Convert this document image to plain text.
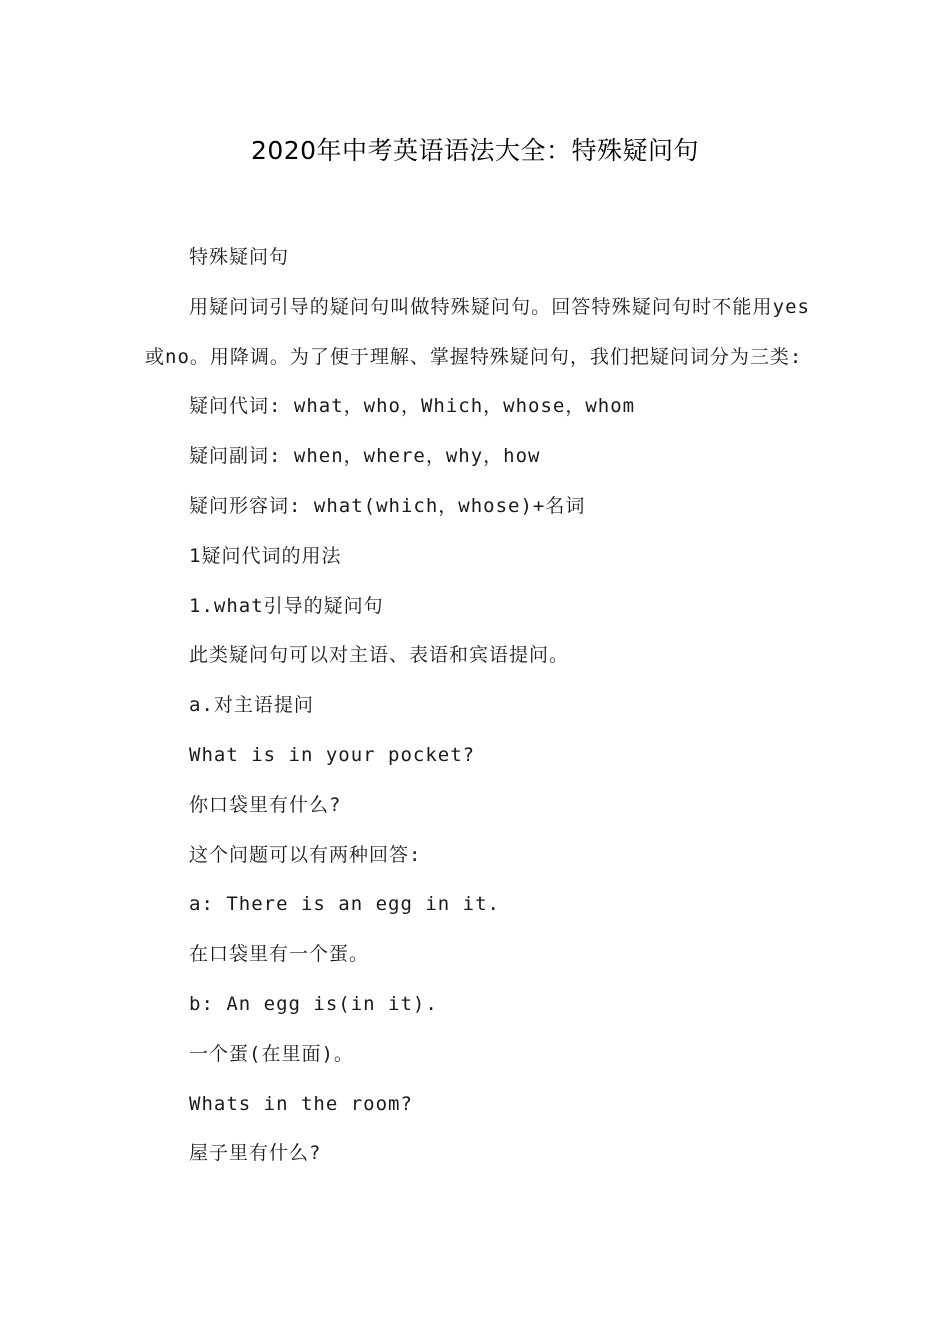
2020年中考英语语法大全：特殊疑问句

特殊疑问句

用疑问词引导的疑问句叫做特殊疑问句。回答特殊疑问句时不能用yes或no。用降调。为了便于理解、掌握特殊疑问句，我们把疑问词分为三类:

疑问代词: what，who，Which，whose，whom

疑问副词: when，where，why，how

疑问形容词: what(which，whose)+名词

1疑问代词的用法

1.what引导的疑问句

此类疑问句可以对主语、表语和宾语提问。

a.对主语提问

What is in your pocket?

你口袋里有什么?

这个问题可以有两种回答:

a: There is an egg in it.

在口袋里有一个蛋。

b: An egg is(in it).

一个蛋(在里面)。

Whats in the room?

屋子里有什么?
